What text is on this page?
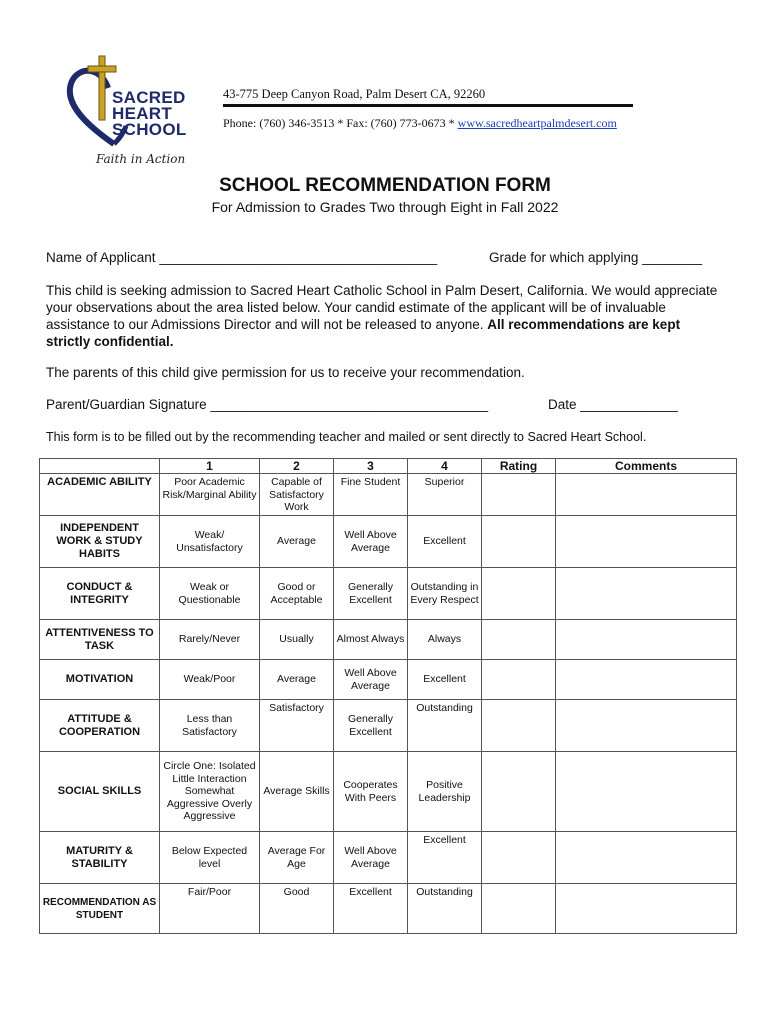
SACRED
HEART
SCHOOL
Faith in Action
43-775 Deep Canyon Road, Palm Desert CA, 92260
Phone: (760) 346-3513 * Fax: (760) 773-0673 * www.sacredheartpalmdesert.com
SCHOOL RECOMMENDATION FORM
For Admission to Grades Two through Eight in Fall 2022
Name of Applicant _____________________________________	Grade for which applying ________
This child is seeking admission to Sacred Heart Catholic School in Palm Desert, California. We would appreciate your observations about the area listed below. Your candid estimate of the applicant will be of invaluable assistance to our Admissions Director and will not be released to anyone. All recommendations are kept strictly confidential.
The parents of this child give permission for us to receive your recommendation.
Parent/Guardian Signature _____________________________________	Date _____________
This form is to be filled out by the recommending teacher and mailed or sent directly to Sacred Heart School.
	1	2	3	4	Rating	Comments
ACADEMIC ABILITY	Poor Academic Risk/Marginal Ability	Capable of Satisfactory Work	Fine Student	Superior		
INDEPENDENT WORK & STUDY HABITS	Weak/ Unsatisfactory	Average	Well Above Average	Excellent		
CONDUCT & INTEGRITY	Weak or Questionable	Good or Acceptable	Generally Excellent	Outstanding in Every Respect		
ATTENTIVENESS TO TASK	Rarely/Never	Usually	Almost Always	Always		
MOTIVATION	Weak/Poor	Average	Well Above Average	Excellent		
ATTITUDE & COOPERATION	Less than Satisfactory	Satisfactory	Generally Excellent	Outstanding		
SOCIAL SKILLS	Circle One: Isolated Little Interaction Somewhat Aggressive Overly Aggressive	Average Skills	Cooperates With Peers	Positive Leadership		
MATURITY & STABILITY	Below Expected level	Average For Age	Well Above Average	Excellent		
RECOMMENDATION AS STUDENT	Fair/Poor	Good	Excellent	Outstanding		
